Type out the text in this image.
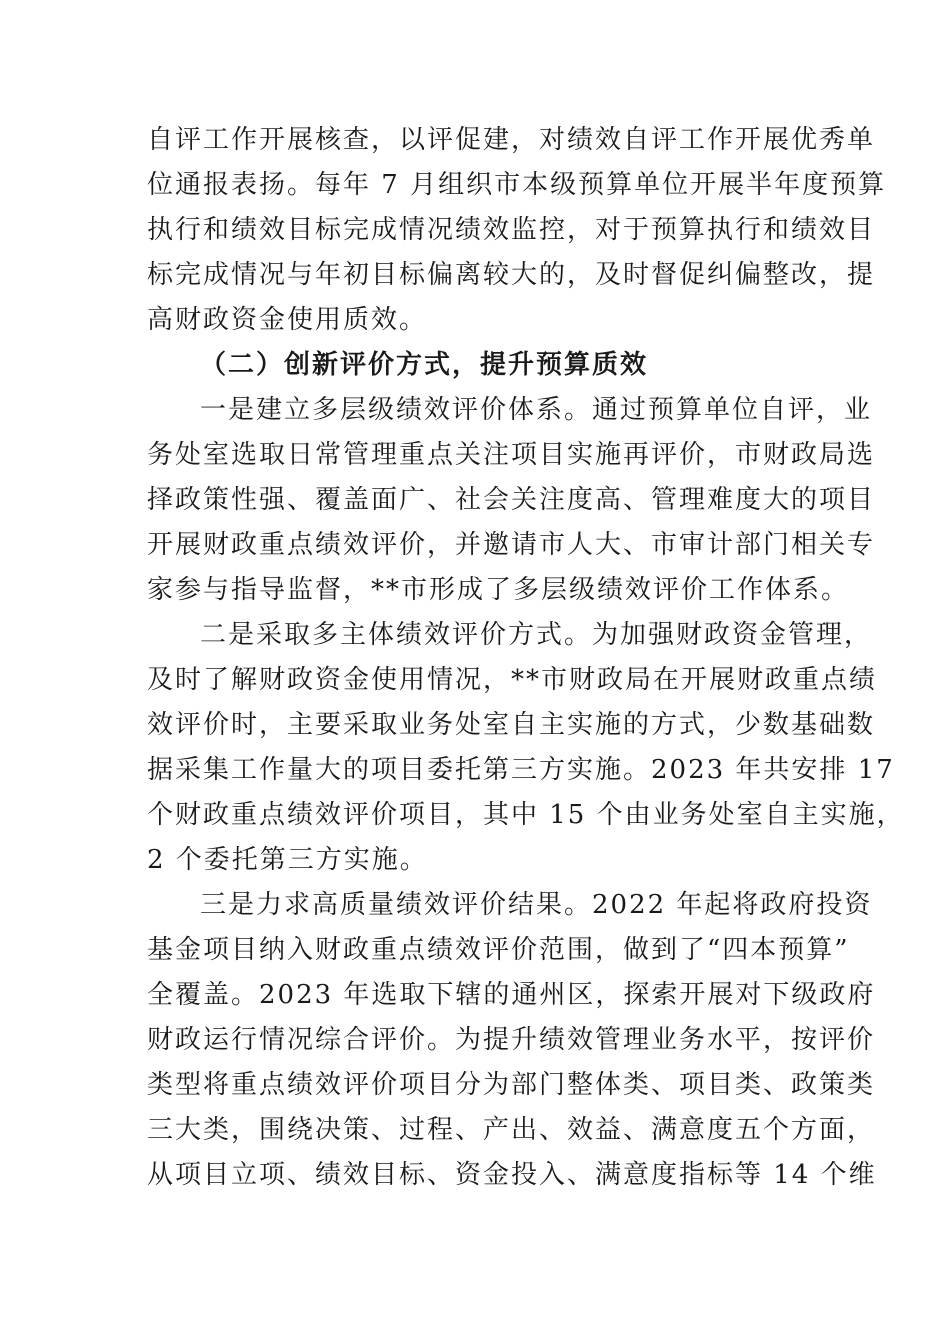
自评工作开展核查，以评促建，对绩效自评工作开展优秀单
位通报表扬。每年 7 月组织市本级预算单位开展半年度预算
执行和绩效目标完成情况绩效监控，对于预算执行和绩效目
标完成情况与年初目标偏离较大的，及时督促纠偏整改，提
高财政资金使用质效。
（二）创新评价方式，提升预算质效
一是建立多层级绩效评价体系。通过预算单位自评，业
务处室选取日常管理重点关注项目实施再评价，市财政局选
择政策性强、覆盖面广、社会关注度高、管理难度大的项目
开展财政重点绩效评价，并邀请市人大、市审计部门相关专
家参与指导监督，**市形成了多层级绩效评价工作体系。
二是采取多主体绩效评价方式。为加强财政资金管理，
及时了解财政资金使用情况，**市财政局在开展财政重点绩
效评价时，主要采取业务处室自主实施的方式，少数基础数
据采集工作量大的项目委托第三方实施。2023 年共安排 17
个财政重点绩效评价项目，其中 15 个由业务处室自主实施，
2 个委托第三方实施。
三是力求高质量绩效评价结果。2022 年起将政府投资
基金项目纳入财政重点绩效评价范围，做到了“四本预算”
全覆盖。2023 年选取下辖的通州区，探索开展对下级政府
财政运行情况综合评价。为提升绩效管理业务水平，按评价
类型将重点绩效评价项目分为部门整体类、项目类、政策类
三大类，围绕决策、过程、产出、效益、满意度五个方面，
从项目立项、绩效目标、资金投入、满意度指标等 14 个维
